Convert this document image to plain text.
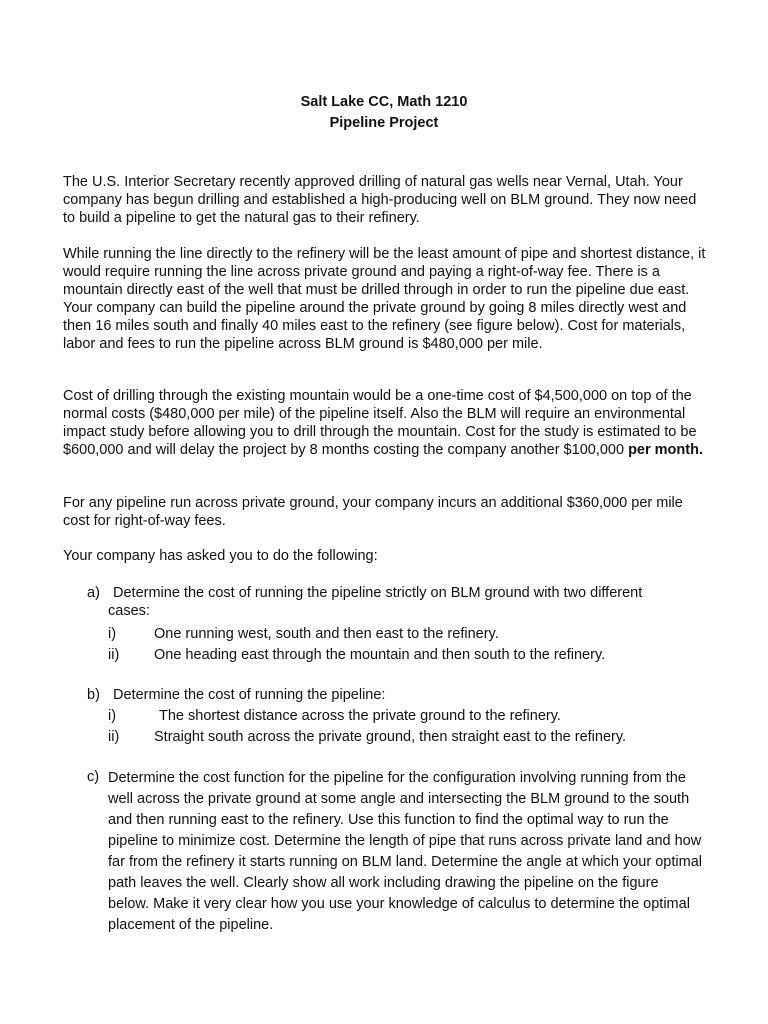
Salt Lake CC, Math 1210
Pipeline Project
The U.S. Interior Secretary recently approved drilling of natural gas wells near Vernal, Utah. Your company has begun drilling and established a high-producing well on BLM ground. They now need to build a pipeline to get the natural gas to their refinery.
While running the line directly to the refinery will be the least amount of pipe and shortest distance, it would require running the line across private ground and paying a right-of-way fee. There is a mountain directly east of the well that must be drilled through in order to run the pipeline due east. Your company can build the pipeline around the private ground by going 8 miles directly west and then 16 miles south and finally 40 miles east to the refinery (see figure below). Cost for materials, labor and fees to run the pipeline across BLM ground is $480,000 per mile.
Cost of drilling through the existing mountain would be a one-time cost of $4,500,000 on top of the normal costs ($480,000 per mile) of the pipeline itself. Also the BLM will require an environmental impact study before allowing you to drill through the mountain. Cost for the study is estimated to be $600,000 and will delay the project by 8 months costing the company another $100,000 per month.
For any pipeline run across private ground, your company incurs an additional $360,000 per mile cost for right-of-way fees.
Your company has asked you to do the following:
a) Determine the cost of running the pipeline strictly on BLM ground with two different cases:
i)	One running west, south and then east to the refinery.
ii) One heading east through the mountain and then south to the refinery.
b) Determine the cost of running the pipeline:
i)	The shortest distance across the private ground to the refinery.
ii) Straight south across the private ground, then straight east to the refinery.
c) Determine the cost function for the pipeline for the configuration involving running from the well across the private ground at some angle and intersecting the BLM ground to the south and then running east to the refinery. Use this function to find the optimal way to run the pipeline to minimize cost. Determine the length of pipe that runs across private land and how far from the refinery it starts running on BLM land. Determine the angle at which your optimal path leaves the well. Clearly show all work including drawing the pipeline on the figure below. Make it very clear how you use your knowledge of calculus to determine the optimal placement of the pipeline.
